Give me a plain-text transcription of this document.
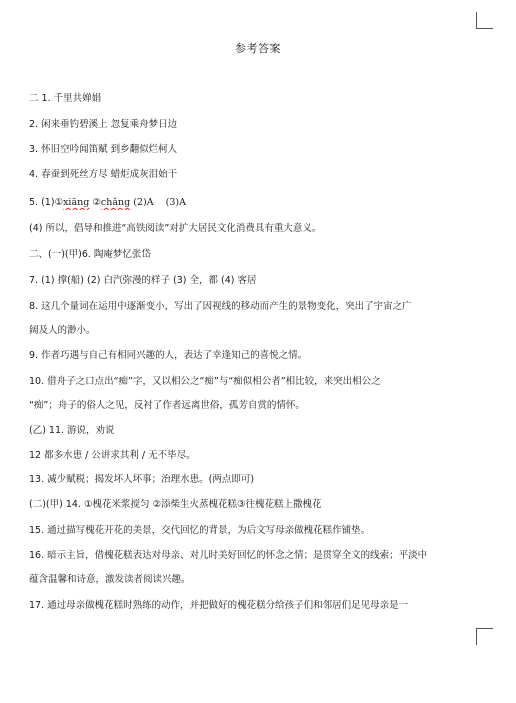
参考答案
二 1. 千里共婵娟
2. 闲来垂钓碧溪上 忽复乘舟梦日边
3. 怀旧空吟闻笛赋 到乡翻似烂柯人
4. 春蚕到死丝方尽 蜡炬成灰泪始干
5. (1)①xiāng ②chǎng (2)A (3)A
(4) 所以，倡导和推进“高铁阅读”对扩大居民文化消费具有重大意义。
二、(一)(甲)6. 陶庵梦忆张岱
7. (1) 撑(船) (2) 白汽弥漫的样子 (3) 全，都 (4) 客居
8. 这几个量词在运用中逐渐变小，写出了因视线的移动而产生的景物变化，突出了宇宙之广
阔及人的渺小。
9. 作者巧遇与自己有相同兴趣的人，表达了幸逢知己的喜悦之情。
10. 借舟子之口点出“痴”字，又以相公之“痴”与“痴似相公者”相比较，来突出相公之
“痴”；舟子的俗人之见，反衬了作者远离世俗，孤芳自赏的情怀。
(乙) 11. 游说，劝说
12 都多水患 / 公讲求其利 / 无不毕尽。
13. 减少赋税；揭发坏人坏事；治理水患。(两点即可)
(二)(甲) 14. ①槐花米浆搅匀 ②添柴生火蒸槐花糕③往槐花糕上撒槐花
15. 通过描写槐花开花的美景，交代回忆的背景，为后文写母亲做槐花糕作铺垫。
16. 暗示主旨，借槐花糕表达对母亲、对儿时美好回忆的怀念之情；是贯穿全文的线索；平淡中
蕴含温馨和诗意，激发读者阅读兴趣。
17. 通过母亲做槐花糕时熟练的动作，并把做好的槐花糕分给孩子们和邻居们足见母亲是一
